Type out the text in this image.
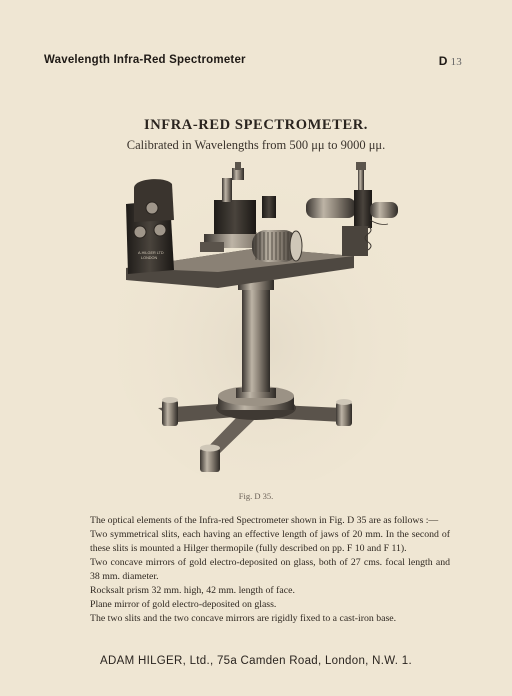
Wavelength Infra-Red Spectrometer	D 13
INFRA-RED SPECTROMETER.
Calibrated in Wavelengths from 500 μμ to 9000 μμ.
A.HILGER LTD
LONDON
Fig. D 35.

The optical elements of the Infra-red Spectrometer shown in Fig. D 35 are as follows :—

Two symmetrical slits, each having an effective length of jaws of 20 mm. In the second of these slits is mounted a Hilger thermopile (fully described on pp. F 10 and F 11).

Two concave mirrors of gold electro-deposited on glass, both of 27 cms. focal length and 38 mm. diameter.

Rocksalt prism 32 mm. high, 42 mm. length of face.

Plane mirror of gold electro-deposited on glass.

The two slits and the two concave mirrors are rigidly fixed to a cast-iron base.

ADAM HILGER, Ltd., 75a Camden Road, London, N.W. 1.
